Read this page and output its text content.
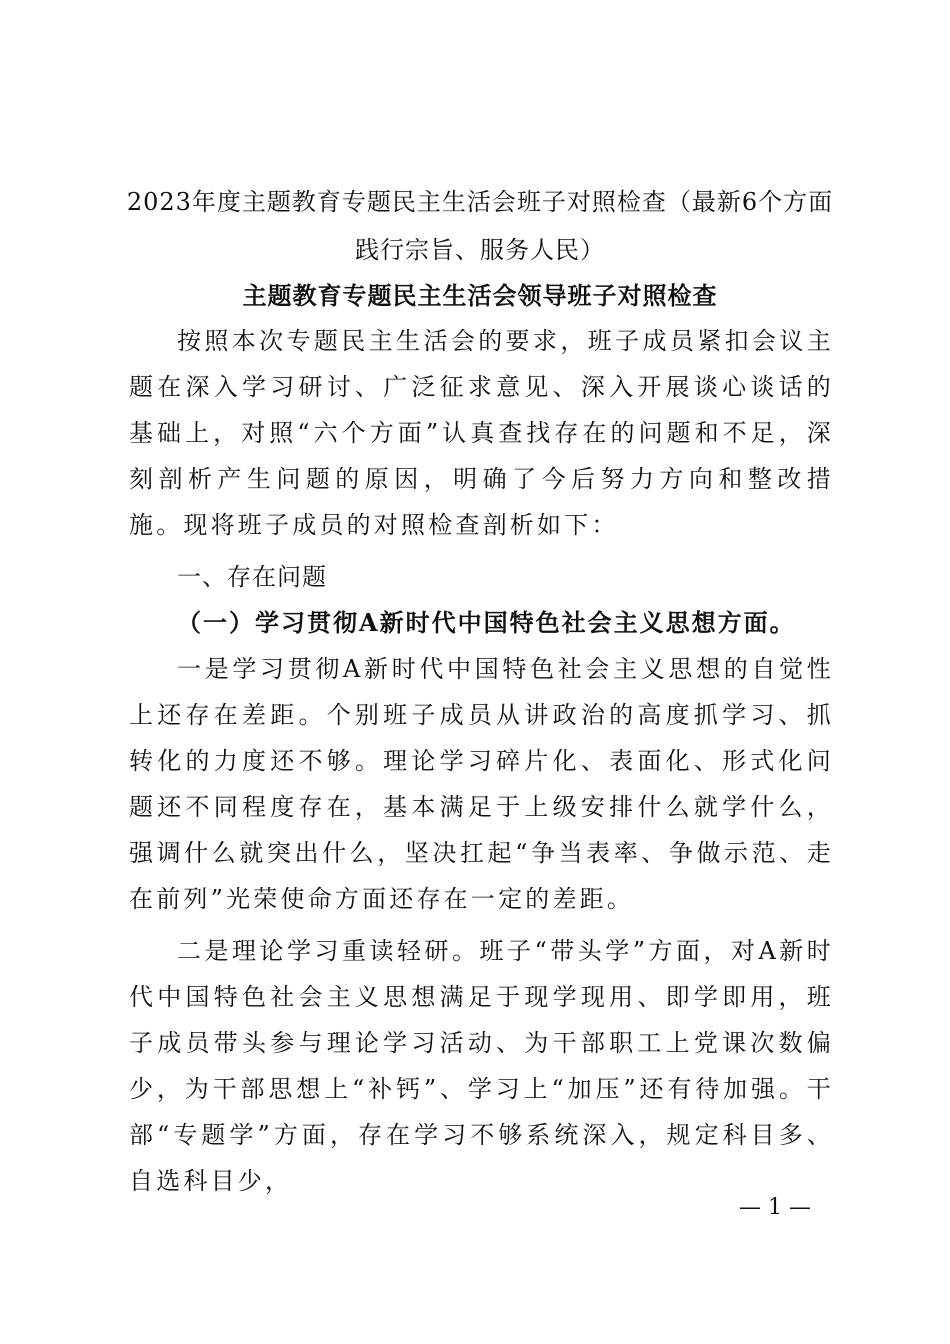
2023年度主题教育专题民主生活会班子对照检查（最新6个方面践行宗旨、服务人民）
主题教育专题民主生活会领导班子对照检查

按照本次专题民主生活会的要求，班子成员紧扣会议主题在深入学习研讨、广泛征求意见、深入开展谈心谈话的基础上，对照“六个方面”认真查找存在的问题和不足，深刻剖析产生问题的原因，明确了今后努力方向和整改措施。现将班子成员的对照检查剖析如下：

一、存在问题

（一）学习贯彻A新时代中国特色社会主义思想方面。

一是学习贯彻A新时代中国特色社会主义思想的自觉性上还存在差距。个别班子成员从讲政治的高度抓学习、抓转化的力度还不够。理论学习碎片化、表面化、形式化问题还不同程度存在，基本满足于上级安排什么就学什么，强调什么就突出什么，坚决扛起“争当表率、争做示范、走在前列”光荣使命方面还存在一定的差距。

二是理论学习重读轻研。班子“带头学”方面，对A新时代中国特色社会主义思想满足于现学现用、即学即用，班子成员带头参与理论学习活动、为干部职工上党课次数偏少，为干部思想上“补钙”、学习上“加压”还有待加强。干部“专题学”方面，存在学习不够系统深入，规定科目多、自选科目少，

— 1 —
